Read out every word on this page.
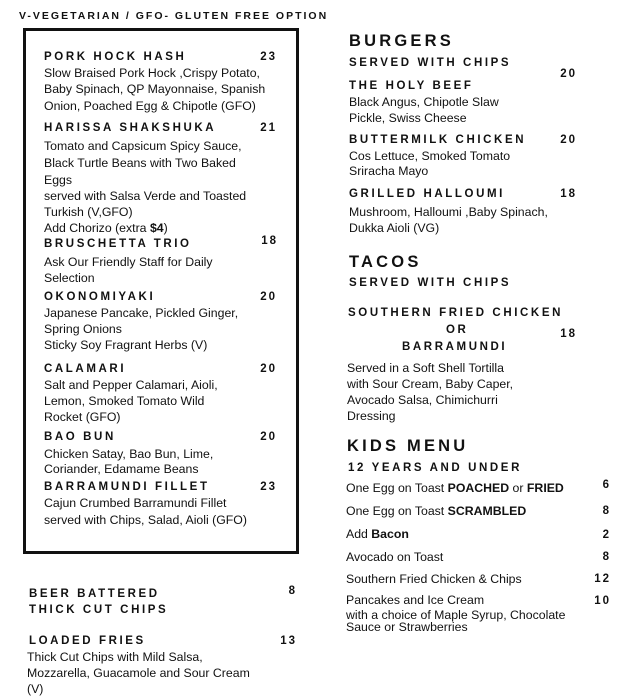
V-VEGETARIAN / GFO- GLUTEN FREE OPTION
PORK HOCK HASH	23
Slow Braised Pork Hock ,Crispy Potato,
Baby Spinach, QP Mayonnaise, Spanish
Onion, Poached Egg & Chipotle (GFO)
HARISSA SHAKSHUKA	21
Tomato and Capsicum Spicy Sauce,
Black Turtle Beans with Two Baked
Eggs
served with Salsa Verde and Toasted
Turkish (V,GFO)
Add Chorizo (extra $4)
BRUSCHETTA TRIO	18
Ask Our Friendly Staff for Daily
Selection
OKONOMIYAKI	20
Japanese Pancake, Pickled Ginger,
Spring Onions
Sticky Soy Fragrant Herbs (V)
CALAMARI	20
Salt and Pepper Calamari, Aioli,
Lemon, Smoked Tomato Wild
Rocket (GFO)
BAO BUN	20
Chicken Satay, Bao Bun, Lime,
Coriander, Edamame Beans
BARRAMUNDI FILLET	23
Cajun Crumbed Barramundi Fillet
served with Chips, Salad, Aioli (GFO)
BEER BATTERED
THICK CUT CHIPS
8
LOADED FRIES	13
Thick Cut Chips with Mild Salsa,
Mozzarella, Guacamole and Sour Cream
(V)
BURGERS
SERVED WITH CHIPS
THE HOLY BEEF
20
Black Angus, Chipotle Slaw
Pickle, Swiss Cheese
BUTTERMILK CHICKEN	20
Cos Lettuce, Smoked Tomato
Sriracha Mayo
GRILLED HALLOUMI	18
Mushroom, Halloumi ,Baby Spinach,
Dukka Aioli (VG)
TACOS
SERVED WITH CHIPS
SOUTHERN FRIED CHICKEN
OR
BARRAMUNDI
18
Served in a Soft Shell Tortilla
with Sour Cream, Baby Caper,
Avocado Salsa, Chimichurri
Dressing
KIDS MENU
12 YEARS AND UNDER
One Egg on Toast POACHED or FRIED	6
One Egg on Toast SCRAMBLED	8
Add Bacon	2
Avocado on Toast	8
Southern Fried Chicken & Chips	12
Pancakes and Ice Cream	10
with a choice of Maple Syrup, Chocolate
Sauce or Strawberries
